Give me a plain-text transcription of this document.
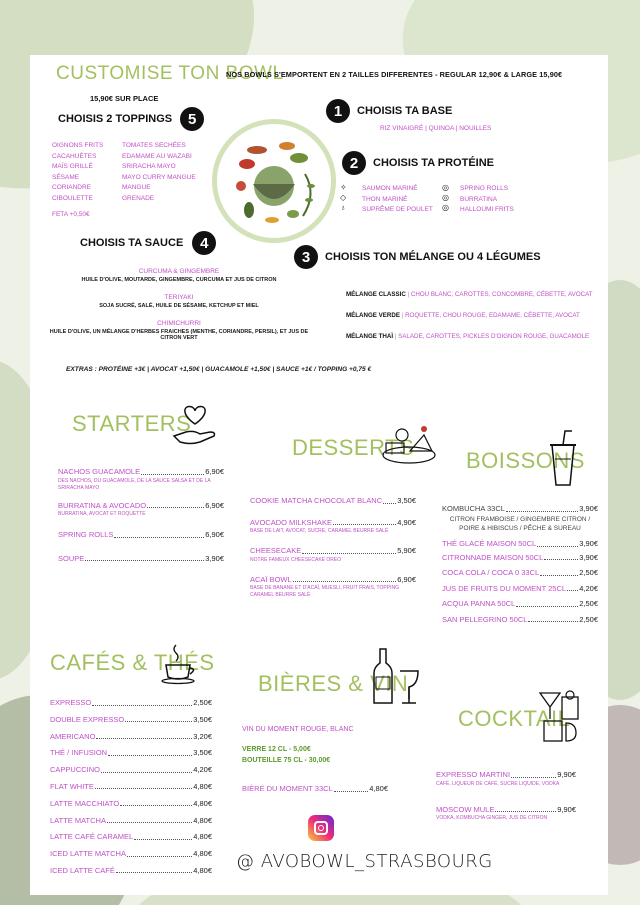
CUSTOMISE TON BOWL
15,90€ SUR PLACE
NOS BOWLS S'EMPORTENT EN 2 TAILLES DIFFERENTES - REGULAR 12,90€ & LARGE 15,90€
CHOISIS 2 TOPPINGS	5
OIGNONS FRITS
CACAHUÈTES
MAÏS GRILLÉ
SÉSAME
CORIANDRE
CIBOULETTE
FETA +0,50€
TOMATES SECHÉES
EDAMAME AU WAZABI
SRIRACHA MAYO
MAYO CURRY MANGUE
MANGUE
GRENADE
1	CHOISIS TA BASE
RIZ VINAIGRÉ | QUINOA | NOUILLES
2	CHOISIS TA PROTÉINE
✧
◇
♁
SAUMON MARINÉ
THON MARINÉ
SUPRÊME DE POULET
◎
◎
◎
SPRING ROLLS
BURRATINA
HALLOUMI FRITS
CHOISIS TA SAUCE	4
CURCUMA & GINGEMBRE
HUILE D'OLIVE, MOUTARDE, GINGEMBRE, CURCUMA ET JUS DE CITRON
TERIYAKI
SOJA SUCRÉ, SALÉ, HUILE DE SÉSAME, KETCHUP ET MIEL
CHIMICHURRI
HUILE D'OLIVE, UN MÉLANGE D'HERBES FRAICHES (MENTHE, CORIANDRE, PERSIL), ET JUS DE CITRON VERT
3	CHOISIS TON MÉLANGE OU 4 LÉGUMES
MÉLANGE CLASSIC | CHOU BLANC, CAROTTES, CONCOMBRE, CÉBETTE, AVOCAT
MÉLANGE VERDE | ROQUETTE, CHOU ROUGE, EDAMAME, CÉBETTE, AVOCAT
MÉLANGE THAÏ | SALADE, CAROTTES, PICKLES D'OIGNON ROUGE, GUACAMOLE
EXTRAS : PROTÉINE +3€ | AVOCAT +1,50€ | GUACAMOLE +1,50€ | SAUCE +1€ / TOPPING +0,75 €
STARTERS
NACHOS GUACAMOLE	6,90€
DES NACHOS, DU GUACAMOLE, DE LA SAUCE SALSA ET DE LA SRIRACHA MAYO
BURRATINA & AVOCADO	6,90€
BURRATINA, AVOCAT ET ROQUETTE
SPRING ROLLS	6,90€
SOUPE	3,90€
DESSERTS
COOKIE MATCHA CHOCOLAT BLANC 3,50€
AVOCADO MILKSHAKE	4,90€
BASE DE LAIT, AVOCAT, SUCRE, CARAMEL BEURRE SALÉ
CHEESECAKE	5,90€
NOTRE FAMEUX CHEESECAKE OREO
ACAÏ BOWL	6,90€
BASE DE BANANE ET D'ACAÏ, MUESLI, FRUIT FRAIS, TOPPING CARAMEL BEURRE SALÉ
BOISSONS
KOMBUCHA 33CL	3,90€
CITRON FRAMBOISE / GINGEMBRE CITRON / POIRE & HIBISCUS / PÊCHE & SUREAU
THÉ GLACÉ MAISON 50CL	3,90€
CITRONNADE MAISON 50CL	3,90€
COCA COLA / COCA 0 33CL	2,50€
JUS DE FRUITS DU MOMENT 25CL 4,20€
ACQUA PANNA 50CL	2,50€
SAN PELLEGRINO 50CL	2,50€
CAFÉS & THÉS
EXPRESSO	2,50€
DOUBLE EXPRESSO	3,50€
AMERICANO	3,20€
THÉ / INFUSION	3,50€
CAPPUCCINO	4,20€
FLAT WHITE	4,80€
LATTE MACCHIATO	4,80€
LATTE MATCHA	4,80€
LATTE CAFÉ CARAMEL	4,80€
ICED LATTE MATCHA	4,80€
ICED LATTE CAFÉ	4,80€
BIÈRES & VIN
VIN DU MOMENT ROUGE, BLANC
VERRE 12 CL - 5,00€
BOUTEILLE 75 CL - 30,00€
BIÈRE DU MOMENT 33CL	4,80€
@ AVOBOWL_STRASBOURG
COCKTAIL
EXPRESSO MARTINI	9,90€
CAFÉ, LIQUEUR DE CAFÉ, SUCRE LIQUIDE, VODKA
MOSCOW MULE	9,90€
VODKA, KOMBUCHA GINGER, JUS DE CITRON
